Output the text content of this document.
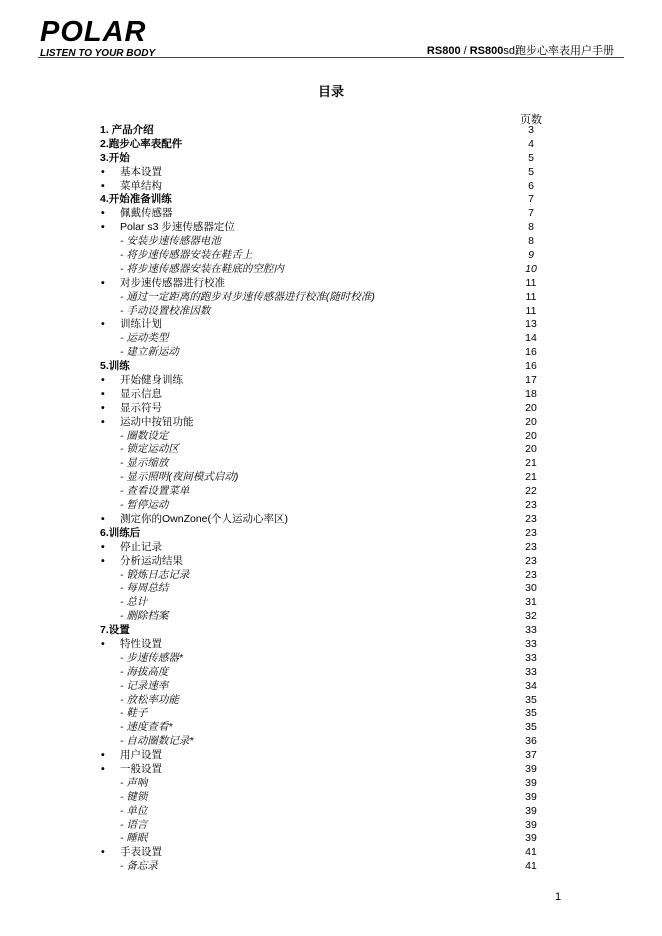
POLAR
LISTEN TO YOUR BODY	RS800 / RS800sd跑步心率表用户手册
目录
页数
1. 产品介绍	3
2.跑步心率表配件	4
3.开始	5
• 基本设置	5
• 菜单结构	6
4.开始准备训练	7
• 佩戴传感器	7
• Polar s3 步速传感器定位	8
- 安装步速传感器电池	8
- 将步速传感器安装在鞋舌上	9
- 将步速传感器安装在鞋底的空腔内	10
• 对步速传感器进行校准	11
- 通过一定距离的跑步对步速传感器进行校准(随时校准)	11
- 手动设置校准因数	11
• 训练计划	13
- 运动类型	14
- 建立新运动	16
5.训练	16
• 开始健身训练	17
• 显示信息	18
• 显示符号	20
• 运动中按钮功能	20
- 圈数设定	20
- 锁定运动区	20
- 显示缩放	21
- 显示照明(夜间模式启动)	21
- 查看设置菜单	22
- 暂停运动	23
• 测定你的OwnZone(个人运动心率区)	23
6.训练后	23
• 停止记录	23
• 分析运动结果	23
- 锻炼日志记录	23
- 每周总结	30
- 总计	31
- 删除档案	32
7.设置	33
• 特性设置	33
- 步速传感器*	33
- 海拔高度	33
- 记录速率	34
- 放松率功能	35
- 鞋子	35
- 速度查看*	35
- 自动圈数记录*	36
• 用户设置	37
• 一般设置	39
- 声响	39
- 键锁	39
- 单位	39
- 语言	39
- 睡眠	39
• 手表设置	41
- 备忘录	41
1
